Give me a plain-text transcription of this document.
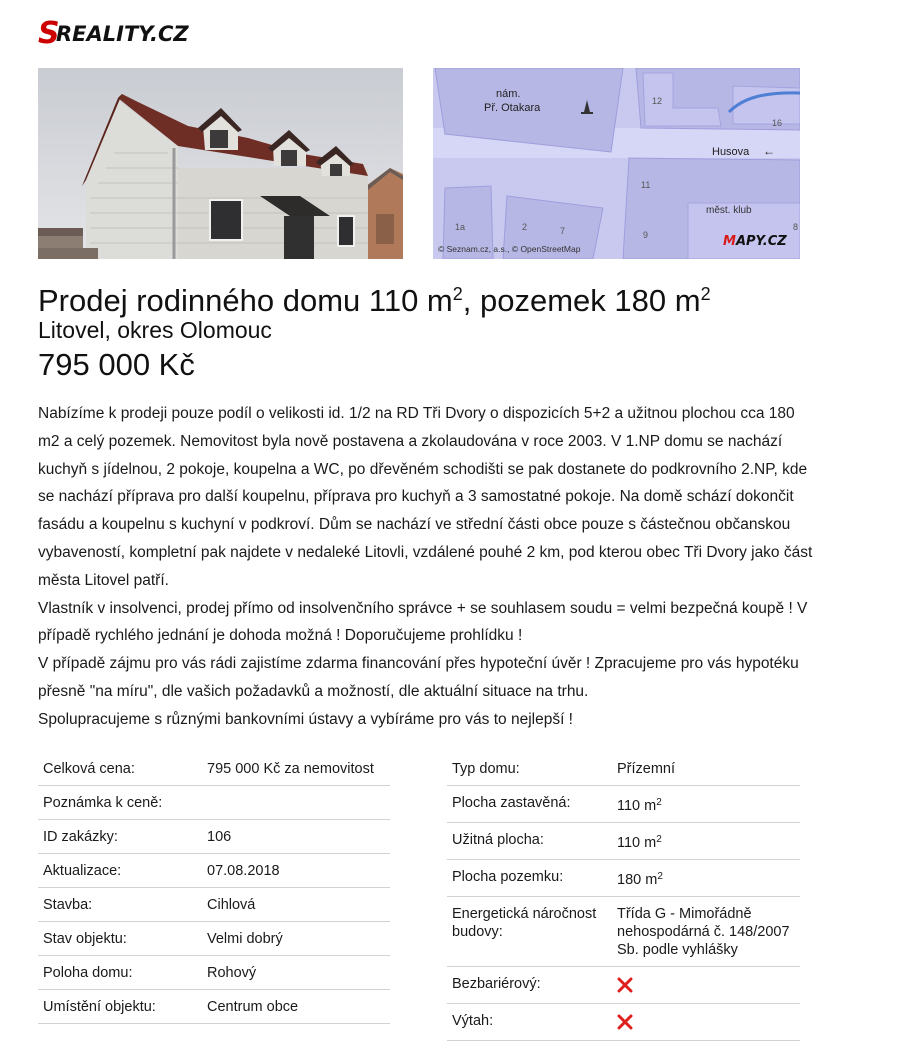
S
REALITY.CZ
nám.
Př. Otakara
12
16
Husova ←
11
měst. klub
9
1a	2	7	8
© Seznam.cz, a.s., © OpenStreetMap	MAPY.CZ
Prodej rodinného domu 110 $m^2$, pozemek 180 $m^2$
Litovel, okres Olomouc
795 000 Kč

Nabízíme k prodeji pouze podíl o velikosti id. 1/2 na RD Tři Dvory o dispozicích 5+2 a užitnou plochou cca 180 m2 a celý pozemek. Nemovitost byla nově postavena a zkolaudována v roce 2003. V 1.NP domu se nachází kuchyň s jídelnou, 2 pokoje, koupelna a WC, po dřevěném schodišti se pak dostanete do podkrovního 2.NP, kde se nachází příprava pro další koupelnu, příprava pro kuchyň a 3 samostatné pokoje. Na domě schází dokončit fasádu a koupelnu s kuchyní v podkroví. Dům se nachází ve střední části obce pouze s částečnou občanskou vybaveností, kompletní pak najdete v nedaleké Litovli, vzdálené pouhé 2 km, pod kterou obec Tři Dvory jako část města Litovel patří.

Vlastník v insolvenci, prodej přímo od insolvenčního správce + se souhlasem soudu = velmi bezpečná koupě ! V případě rychlého jednání je dohoda možná ! Doporučujeme prohlídku !

V případě zájmu pro vás rádi zajistíme zdarma financování přes hypoteční úvěr ! Zpracujeme pro vás hypotéku přesně "na míru", dle vašich požadavků a možností, dle aktuální situace na trhu.

Spolupracujeme s různými bankovními ústavy a vybíráme pro vás to nejlepší !

Celková cena:	795 000 Kč za nemovitost
Poznámka k ceně:	
ID zakázky:	106
Aktualizace:	07.08.2018
Stavba:	Cihlová
Stav objektu:	Velmi dobrý
Poloha domu:	Rohový
Umístění objektu:	Centrum obce
Typ domu:	Přízemní
Plocha zastavěná:	110 $m^2$
Užitná plocha:	110 $m^2$
Plocha pozemku:	180 $m^2$
Energetická náročnost budovy:	Třída G - Mimořádně nehospodárná č. 148/2007 Sb. podle vyhlášky
Bezbariérový:	
Výtah:	
